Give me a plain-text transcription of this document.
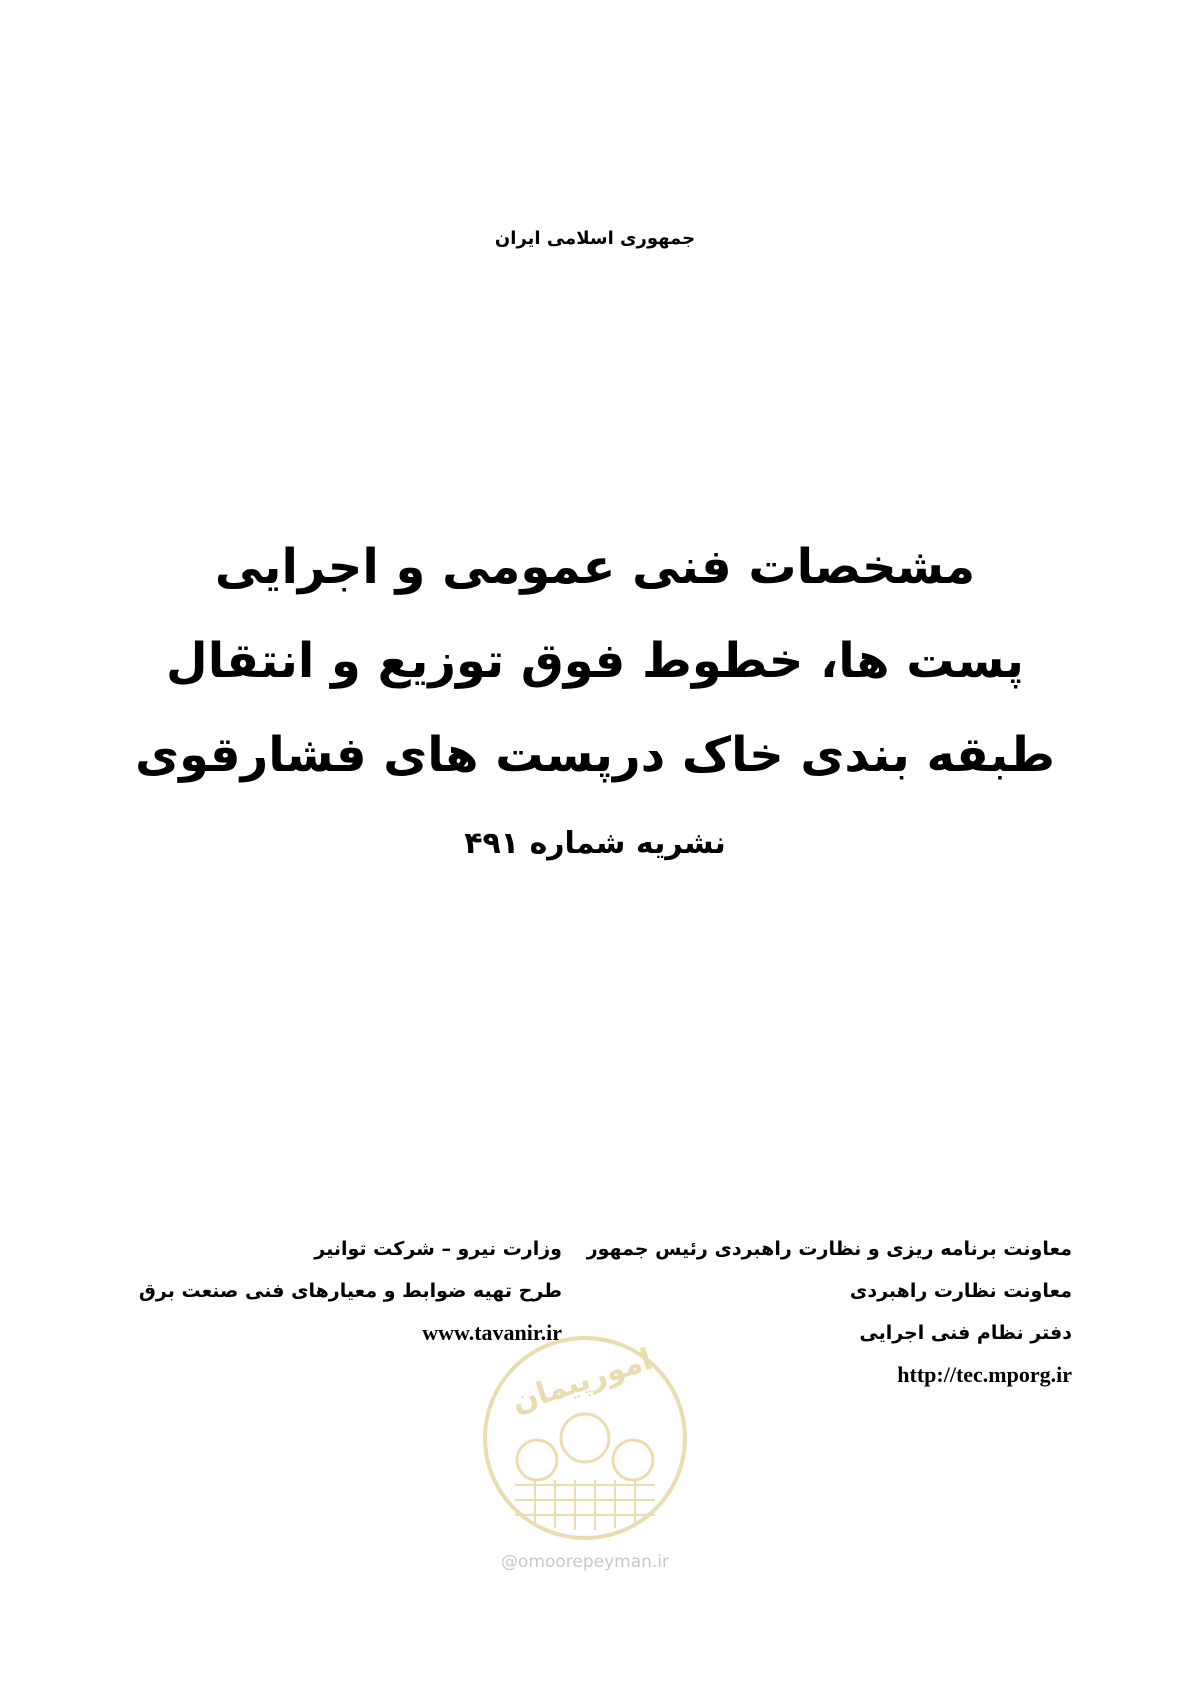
جمهوری اسلامی ایران
مشخصات فنی عمومی و اجرایی
پست ها، خطوط فوق توزیع و انتقال
طبقه بندی خاک درپست های فشارقوی
نشریه شماره ۴۹۱
معاونت برنامه ریزی و نظارت راهبردی رئیس جمهور
معاونت نظارت راهبردی
دفتر نظام فنی اجرایی
http://tec.mporg.ir
وزارت نیرو – شرکت توانیر
طرح تهیه ضوابط و معیارهای فنی صنعت برق
www.tavanir.ir
امورپیمان
@omoorepeyman.ir
